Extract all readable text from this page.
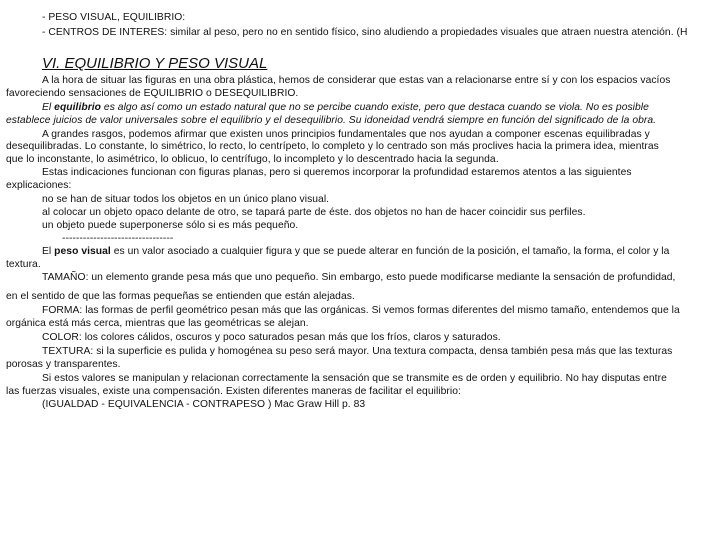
- PESO VISUAL, EQUILIBRIO:
- CENTROS DE INTERES: similar al peso, pero no en sentido físico, sino aludiendo a propiedades visuales que atraen nuestra atención. (H
VI. EQUILIBRIO Y PESO VISUAL
A la hora de situar las figuras en una obra plástica, hemos de considerar que estas van a relacionarse entre sí y con los espacios vacíos
favoreciendo sensaciones de EQUILIBRIO o DESEQUILIBRIO.
El equilibrio es algo así como un estado natural que no se percibe cuando existe, pero que destaca cuando se viola. No es posible
establece juicios de valor universales sobre el equilibrio y el desequilibrio. Su idoneidad vendrá siempre en función del significado de la obra.
A grandes rasgos, podemos afirmar que existen unos principios fundamentales que nos ayudan a componer escenas equilibradas y
desequilibradas. Lo constante, lo simétrico, lo recto, lo centrípeto, lo completo y lo centrado son más proclives hacia la primera idea, mientras
que lo inconstante, lo asimétrico, lo oblicuo, lo centrífugo, lo incompleto y lo descentrado hacia la segunda.
Estas indicaciones funcionan con figuras planas, pero si queremos incorporar la profundidad estaremos atentos a las siguientes
explicaciones:
no se han de situar todos los objetos en un único plano visual.
al colocar un objeto opaco delante de otro, se tapará parte de éste. dos objetos no han de hacer coincidir sus perfiles.
un objeto puede superponerse sólo si es más pequeño.
--------------------------------
El peso visual es un valor asociado a cualquier figura y que se puede alterar en función de la posición, el tamaño, la forma, el color y la
textura.
TAMAÑO: un elemento grande pesa más que uno pequeño. Sin embargo, esto puede modificarse mediante la sensación de profundidad,
en el sentido de que las formas pequeñas se entienden que están alejadas.
FORMA: las formas de perfil geométrico pesan más que las orgánicas. Si vemos formas diferentes del mismo tamaño, entendemos que la
orgánica está más cerca, mientras que las geométricas se alejan.
COLOR: los colores cálidos, oscuros y poco saturados pesan más que los fríos, claros y saturados.
TEXTURA: si la superficie es pulida y homogénea su peso será mayor. Una textura compacta, densa también pesa más que las texturas
porosas y transparentes.
Si estos valores se manipulan y relacionan correctamente la sensación que se transmite es de orden y equilibrio. No hay disputas entre
las fuerzas visuales, existe una compensación. Existen diferentes maneras de facilitar el equilibrio:
(IGUALDAD - EQUIVALENCIA - CONTRAPESO ) Mac Graw Hill p. 83
